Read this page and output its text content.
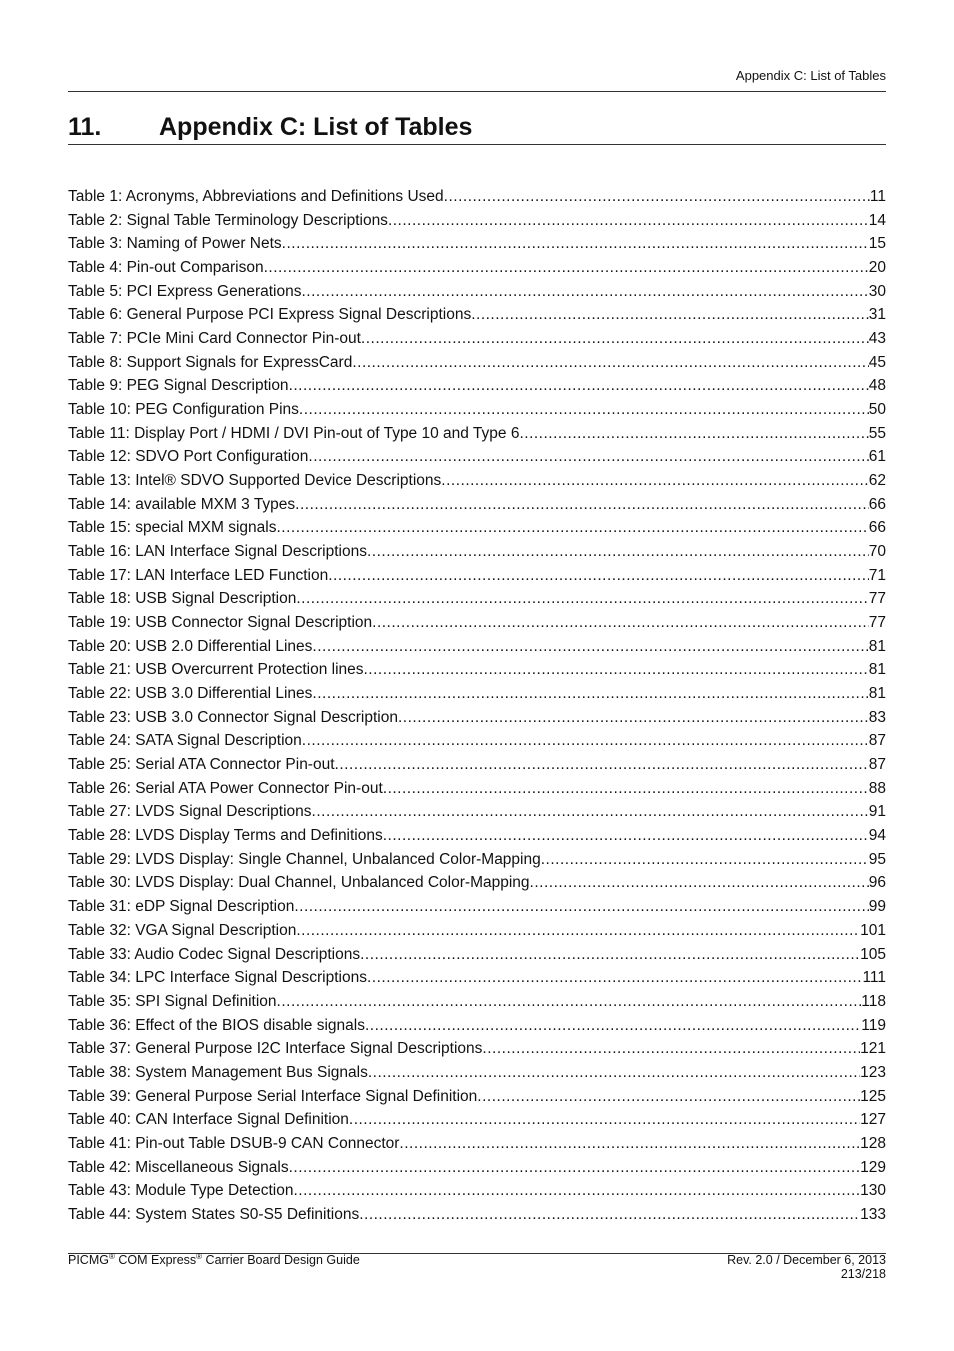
Appendix C: List of Tables
11. Appendix C: List of Tables
Table 1: Acronyms, Abbreviations and Definitions Used .....	11
Table 2: Signal Table Terminology Descriptions .....	14
Table 3: Naming of Power Nets .....	15
Table 4: Pin-out Comparison .....	20
Table 5: PCI Express Generations .....	30
Table 6: General Purpose PCI Express Signal Descriptions .....	31
Table 7: PCIe Mini Card Connector Pin-out .....	43
Table 8: Support Signals for ExpressCard .....	45
Table 9: PEG Signal Description .....	48
Table 10: PEG Configuration Pins .....	50
Table 11: Display Port / HDMI / DVI Pin-out of Type 10 and Type 6 .....	55
Table 12: SDVO Port Configuration .....	61
Table 13: Intel® SDVO Supported Device Descriptions .....	62
Table 14: available MXM 3 Types .....	66
Table 15: special MXM signals .....	66
Table 16: LAN Interface Signal Descriptions .....	70
Table 17: LAN Interface LED Function .....	71
Table 18: USB Signal Description .....	77
Table 19: USB Connector Signal Description .....	77
Table 20: USB 2.0 Differential Lines .....	81
Table 21: USB Overcurrent Protection lines .....	81
Table 22: USB 3.0 Differential Lines .....	81
Table 23: USB 3.0 Connector Signal Description .....	83
Table 24: SATA Signal Description .....	87
Table 25: Serial ATA Connector Pin-out .....	87
Table 26: Serial ATA Power Connector Pin-out .....	88
Table 27: LVDS Signal Descriptions .....	91
Table 28: LVDS Display Terms and Definitions .....	94
Table 29: LVDS Display: Single Channel, Unbalanced Color-Mapping .....	95
Table 30: LVDS Display: Dual Channel, Unbalanced Color-Mapping .....	96
Table 31: eDP Signal Description .....	99
Table 32: VGA Signal Description .....	101
Table 33: Audio Codec Signal Descriptions .....	105
Table 34: LPC Interface Signal Descriptions .....	111
Table 35: SPI Signal Definition .....	118
Table 36: Effect of the BIOS disable signals .....	119
Table 37: General Purpose I2C Interface Signal Descriptions .....	121
Table 38: System Management Bus Signals .....	123
Table 39: General Purpose Serial Interface Signal Definition .....	125
Table 40: CAN Interface Signal Definition .....	127
Table 41: Pin-out Table DSUB-9 CAN Connector .....	128
Table 42: Miscellaneous Signals .....	129
Table 43: Module Type Detection .....	130
Table 44: System States S0-S5 Definitions .....	133
PICMG® COM Express® Carrier Board Design Guide	Rev. 2.0 / December 6, 2013
213/218
